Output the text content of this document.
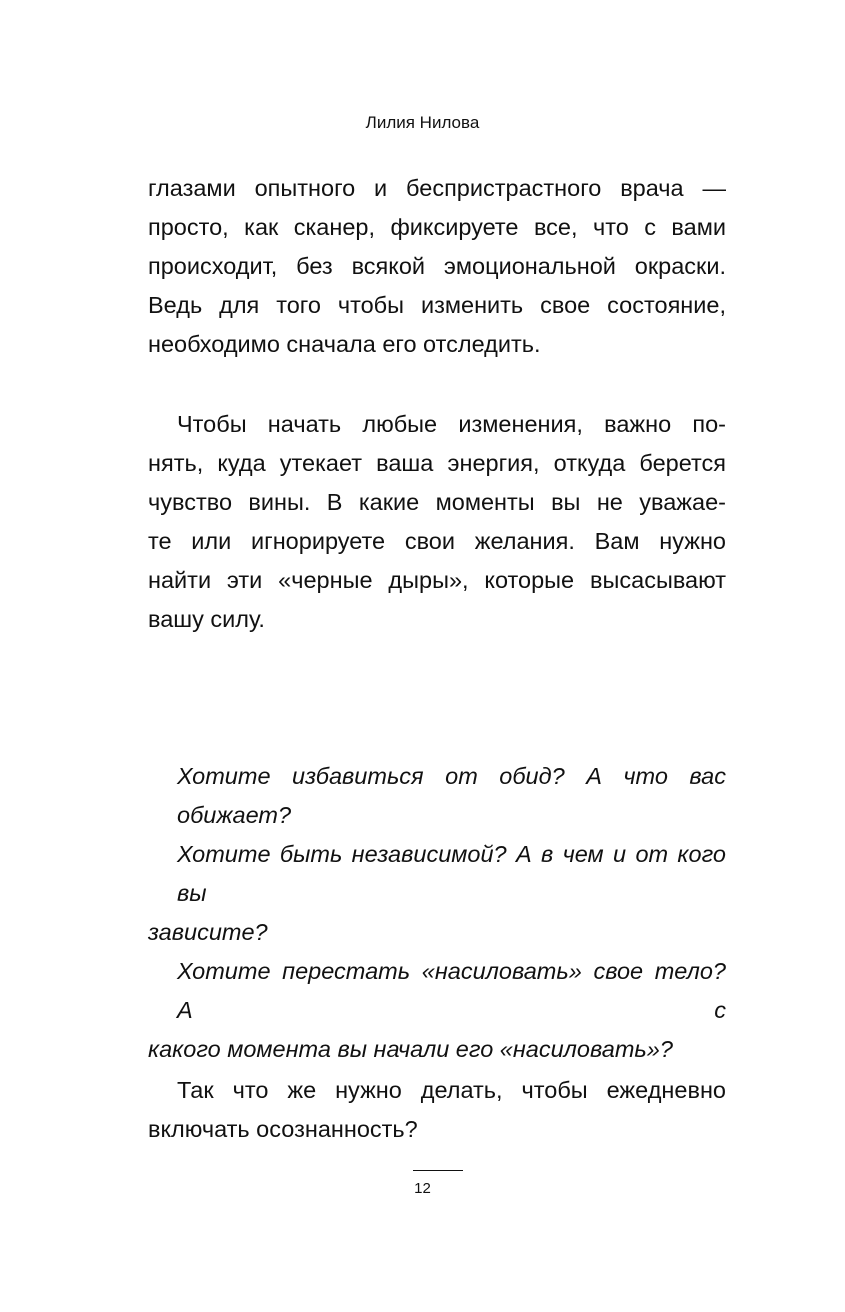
Лилия Нилова
глазами опытного и беспристрастного врача —
просто, как сканер, фиксируете все, что с вами
происходит, без всякой эмоциональной окраски.
Ведь для того чтобы изменить свое состояние,
необходимо сначала его отследить.
Чтобы начать любые изменения, важно по-
нять, куда утекает ваша энергия, откуда берется
чувство вины. В какие моменты вы не уважае-
те или игнорируете свои желания. Вам нужно
найти эти «черные дыры», которые высасывают
вашу силу.
Хотите избавиться от обид? А что вас обижает?
Хотите быть независимой? А в чем и от кого вы
зависите?
Хотите перестать «насиловать» свое тело? А с
какого момента вы начали его «насиловать»?
Так что же нужно делать, чтобы ежедневно
включать осознанность?
12
